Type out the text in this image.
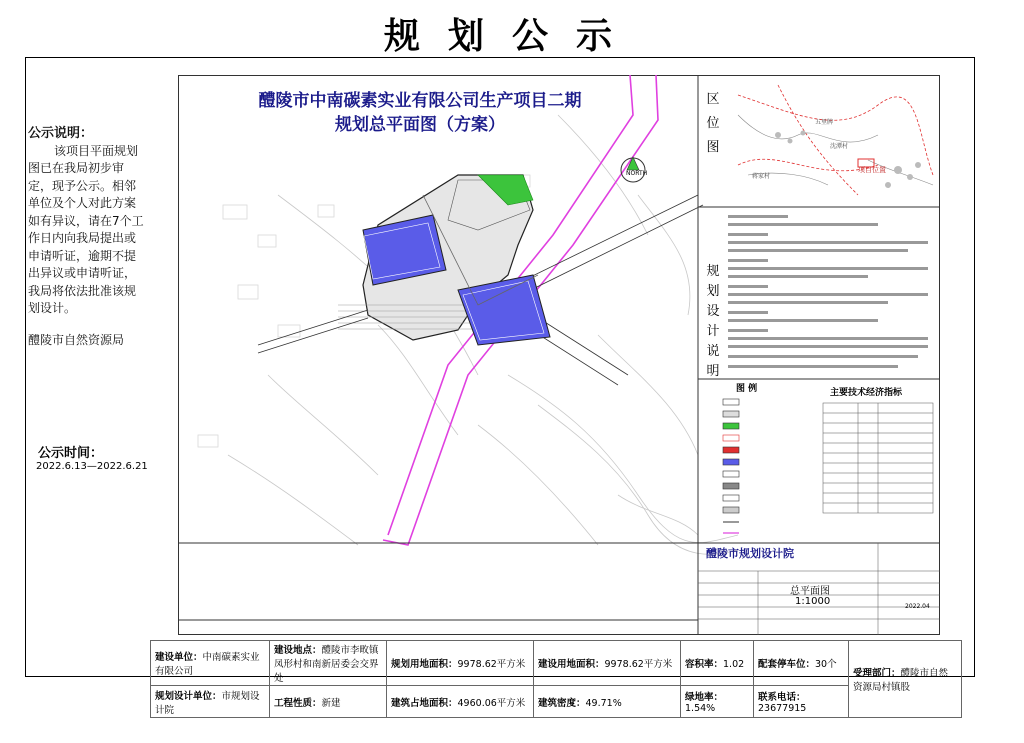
规划公示
公示说明：
该项目平面规划图已在我局初步审定，现予公示。相邻单位及个人对此方案如有异议，请在7个工作日内向我局提出或申请听证，逾期不提出异议或申请听证，我局将依法批准该规划设计。
醴陵市自然资源局
公示时间：
2022.6.13—2022.6.21
NORTH
醴陵市中南碳素实业有限公司生产项目二期
规划总平面图（方案）
区位图
规划设计说明
图 例	主要技术经济指标
五里牌
沈潭村
蒋家村
项目位置
醴陵市规划设计院
总平面图
1:1000	2022.04
建设单位：中南碳素实业有限公司	建设地点：醴陵市李畋镇凤形村和南新居委会交界处	规划用地面积：9978.62平方米	建设用地面积：9978.62平方米	容积率：1.02	配套停车位：30个	受理部门：醴陵市自然资源局村镇股
规划设计单位：市规划设计院	工程性质：新建	建筑占地面积：4960.06平方米	建筑密度：49.71%	绿地率：1.54%	联系电话：23677915	
